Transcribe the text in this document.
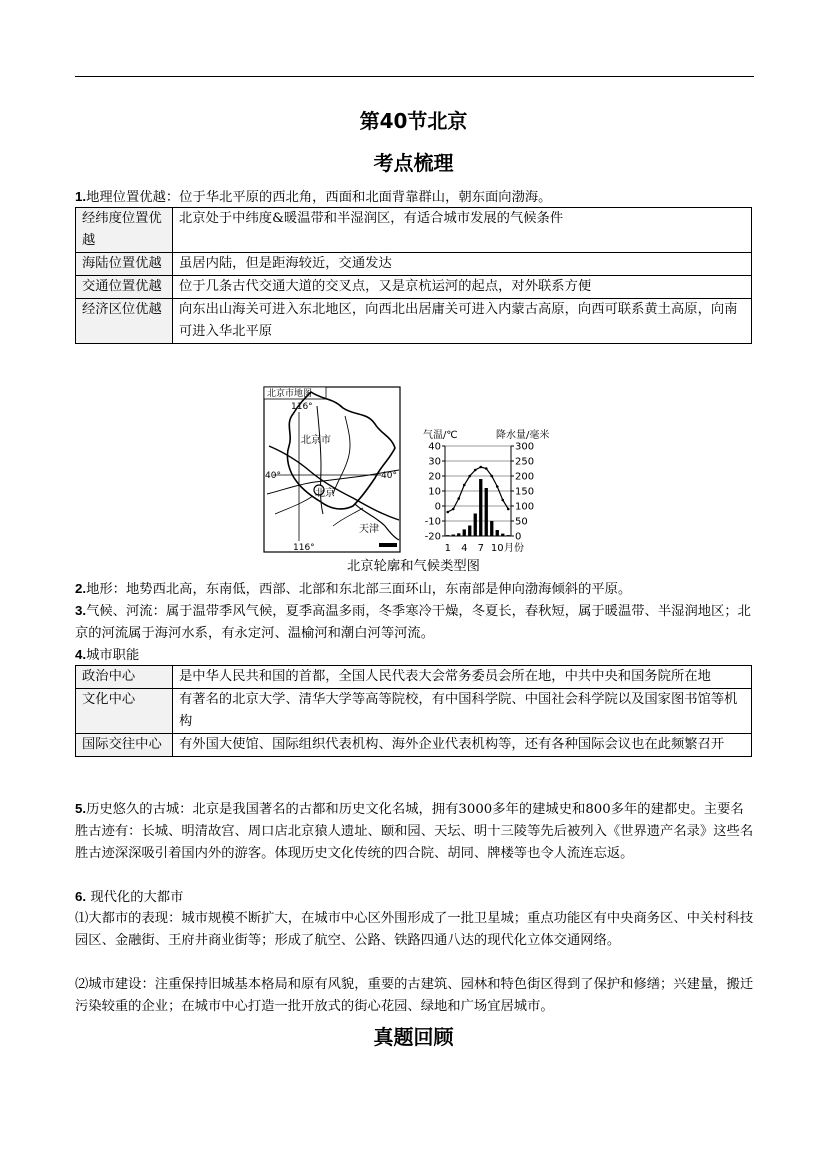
第40节北京
考点梳理
1.地理位置优越：位于华北平原的西北角，西面和北面背靠群山，朝东面向渤海。
经纬度位置优越	北京处于中纬度&暖温带和半湿润区，有适合城市发展的气候条件
海陆位置优越	虽居内陆，但是距海较近，交通发达
交通位置优越	位于几条古代交通大道的交叉点，又是京杭运河的起点，对外联系方便
经济区位优越	向东出山海关可进入东北地区，向西北出居庸关可进入内蒙古高原，向西可联系黄土高原，向南可进入华北平原
北京市地图
116°
116°
40°	40°
北京市
北京
天津
气温/℃	降水量/毫米
40
30
20
10
0
-10
-20
300
250
200
150
100
50
0
1 4 7 10 月份
北京轮廓和气候类型图
2.地形：地势西北高，东南低，西部、北部和东北部三面环山，东南部是伸向渤海倾斜的平原。
3.气候、河流：属于温带季风气候，夏季高温多雨，冬季寒冷干燥，冬夏长，春秋短，属于暖温带、半湿润地区；北京的河流属于海河水系，有永定河、温榆河和潮白河等河流。
4.城市职能
政治中心	是中华人民共和国的首都，全国人民代表大会常务委员会所在地，中共中央和国务院所在地
文化中心	有著名的北京大学、清华大学等高等院校，有中国科学院、中国社会科学院以及国家图书馆等机构
国际交往中心	有外国大使馆、国际组织代表机构、海外企业代表机构等，还有各种国际会议也在此频繁召开
5.历史悠久的古城：北京是我国著名的古都和历史文化名城，拥有3000多年的建城史和800多年的建都史。主要名胜古迹有：长城、明清故宫、周口店北京猿人遗址、颐和园、天坛、明十三陵等先后被列入《世界遗产名录》这些名胜古迹深深吸引着国内外的游客。体现历史文化传统的四合院、胡同、牌楼等也令人流连忘返。
6. 现代化的大都市
⑴大都市的表现：城市规模不断扩大，在城市中心区外围形成了一批卫星城；重点功能区有中央商务区、中关村科技园区、金融街、王府井商业街等；形成了航空、公路、铁路四通八达的现代化立体交通网络。
⑵城市建设：注重保持旧城基本格局和原有风貌，重要的古建筑、园林和特色街区得到了保护和修缮；兴建量，搬迁污染较重的企业；在城市中心打造一批开放式的街心花园、绿地和广场宜居城市。
真题回顾
